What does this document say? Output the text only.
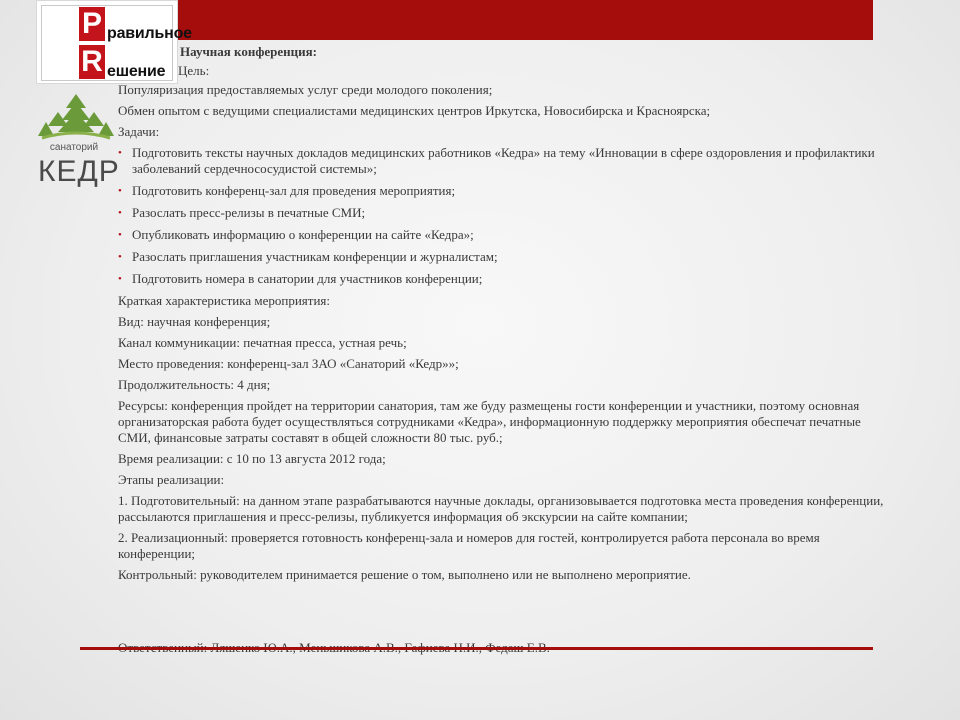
P равильное
R ешение
санаторий
КЕДР

Научная конференция:

Цель:

Популяризация предоставляемых услуг среди молодого поколения;

Обмен опытом с ведущими специалистами медицинских центров Иркутска, Новосибирска и Красноярска;

Задачи:

• Подготовить тексты научных докладов медицинских работников «Кедра» на тему «Инновации в сфере оздоровления и профилактики заболеваний сердечнососудистой системы»;
• Подготовить конференц-зал для проведения мероприятия;
• Разослать пресс-релизы в печатные СМИ;
• Опубликовать информацию о конференции на сайте «Кедра»;
• Разослать приглашения участникам конференции и журналистам;
• Подготовить номера в санатории для участников конференции;

Краткая характеристика мероприятия:

Вид: научная конференция;

Канал коммуникации: печатная пресса, устная речь;

Место проведения: конференц-зал ЗАО «Санаторий «Кедр»»;

Продолжительность: 4 дня;

Ресурсы: конференция пройдет на территории санатория, там же буду размещены гости конференции и участники, поэтому основная организаторская работа будет осуществляться сотрудниками «Кедра», информационную поддержку мероприятия обеспечат печатные СМИ, финансовые затраты составят в общей сложности 80 тыс. руб.;

Время реализации: с 10 по 13 августа 2012 года;

Этапы реализации:

1. Подготовительный: на данном этапе разрабатываются научные доклады, организовывается подготовка места проведения конференции, рассылаются приглашения и пресс-релизы, публикуется информация об экскурсии на сайте компании;

2. Реализационный: проверяется готовность конференц-зала и номеров для гостей, контролируется работа персонала во время конференции;

Контрольный: руководителем принимается решение о том, выполнено или не выполнено мероприятие.
